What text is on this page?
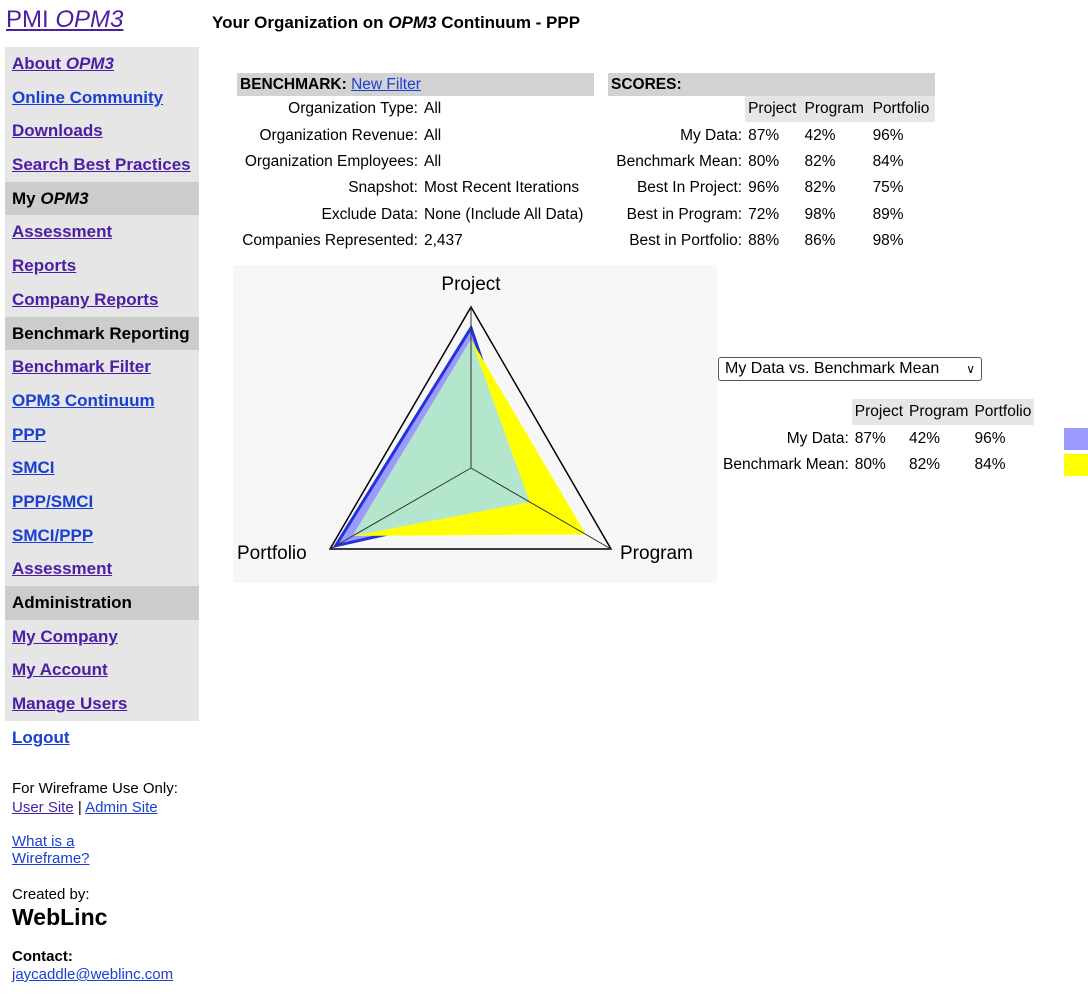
PMI OPM3	Your Organization on OPM3 Continuum - PPP
About OPM3
Online Community
Downloads
Search Best Practices
My OPM3
Assessment
Reports
Company Reports
Benchmark Reporting
Benchmark Filter
OPM3 Continuum
PPP
SMCI
PPP/SMCI
SMCI/PPP
Assessment
Administration
My Company
My Account
Manage Users
Logout
For Wireframe Use Only:
User Site | Admin Site
What is a
Wireframe?
Created by:
WebLinc
Contact:
jaycaddle@weblinc.com
BENCHMARK: New Filter	
Organization Type:	All
Organization Revenue:	All
Organization Employees:	All
Snapshot:	Most Recent Iterations
Exclude Data:	None (Include All Data)
Companies Represented:	2,437
SCORES:			
	Project	Program	Portfolio
My Data:	87%	42%	96%
Benchmark Mean:	80%	82%	84%
Best In Project:	96%	82%	75%
Best in Program:	72%	98%	89%
Best in Portfolio:	88%	86%	98%
Project
Program
Portfolio
My Data vs. Benchmark Mean ∨
	Project	Program	Portfolio	
My Data:	87%	42%	96%	
Benchmark Mean:	80%	82%	84%	
